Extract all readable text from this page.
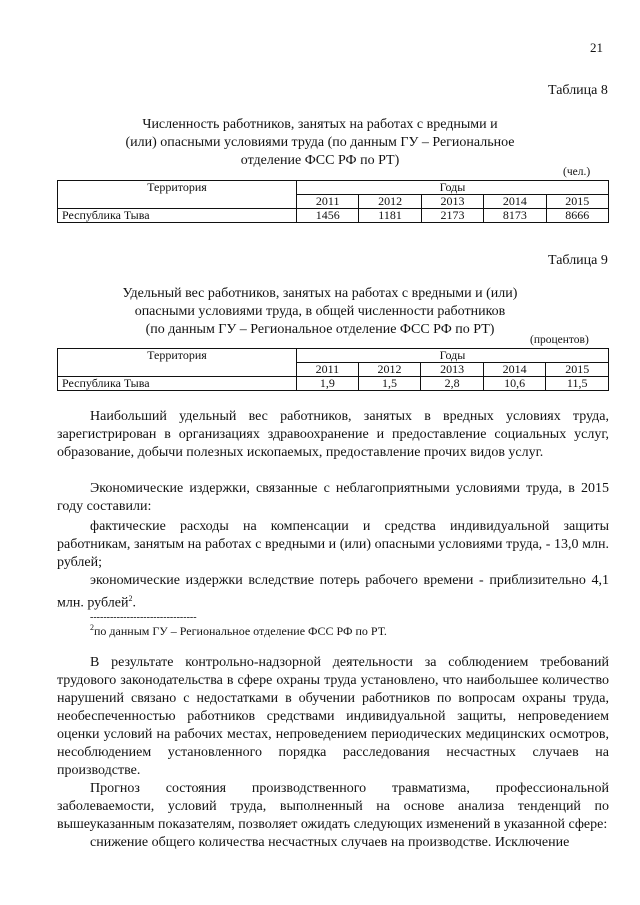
21
Таблица 8
Численность работников, занятых на работах с вредными и
(или) опасными условиями труда (по данным ГУ – Региональное
отделение ФСС РФ по РТ)
(чел.)
Территория	Годы				
	2011	2012	2013	2014	2015
Республика Тыва	1456	1181	2173	8173	8666
Таблица 9
Удельный вес работников, занятых на работах с вредными и (или)
опасными условиями труда, в общей численности работников
(по данным ГУ – Региональное отделение ФСС РФ по РТ)
(процентов)
Территория	Годы				
	2011	2012	2013	2014	2015
Республика Тыва	1,9	1,5	2,8	10,6	11,5

Наибольший удельный вес работников, занятых в вредных условиях труда, зарегистрирован в организациях здравоохранение и предоставление социальных услуг, образование, добычи полезных ископаемых, предоставление прочих видов услуг.

Экономические издержки, связанные с неблагоприятными условиями труда, в 2015 году составили:

фактические расходы на компенсации и средства индивидуальной защиты работникам, занятым на работах с вредными и (или) опасными условиями труда, - 13,0 млн. рублей;

экономические издержки вследствие потерь рабочего времени - приблизительно 4,1 млн. рублей$^2$.

--------------------------------
$^2$по данным ГУ – Региональное отделение ФСС РФ по РТ.

В результате контрольно-надзорной деятельности за соблюдением требований трудового законодательства в сфере охраны труда установлено, что наибольшее количество нарушений связано с недостатками в обучении работников по вопросам охраны труда, необеспеченностью работников средствами индивидуальной защиты, непроведением оценки условий на рабочих местах, непроведением периодических медицинских осмотров, несоблюдением установленного порядка расследования несчастных случаев на производстве.

Прогноз состояния производственного травматизма, профессиональной заболеваемости, условий труда, выполненный на основе анализа тенденций по вышеуказанным показателям, позволяет ожидать следующих изменений в указанной сфере:

снижение общего количества несчастных случаев на производстве. Исключение
